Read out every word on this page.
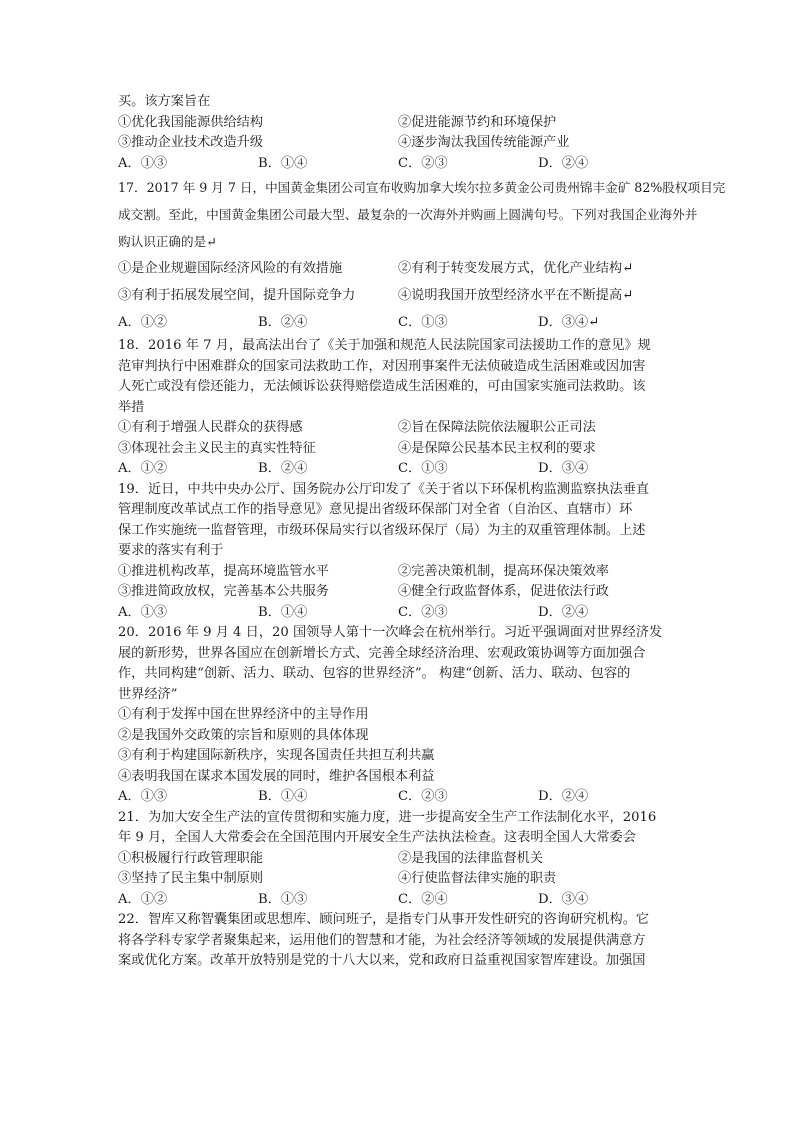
买。该方案旨在
①优化我国能源供给结构	②促进能源节约和环境保护
③推动企业技术改造升级	④逐步淘汰我国传统能源产业
A．①③	B．①④	C．②③	D．②④
17．2017 年 9 月 7 日，中国黄金集团公司宣布收购加拿大埃尔拉多黄金公司贵州锦丰金矿 82%股权项目完
成交割。至此，中国黄金集团公司最大型、最复杂的一次海外并购画上圆满句号。下列对我国企业海外并
购认识正确的是↵
①是企业规避国际经济风险的有效措施	②有利于转变发展方式，优化产业结构↵
③有利于拓展发展空间，提升国际竞争力	④说明我国开放型经济水平在不断提高↵
A．①②	B．②④	C．①③	D．③④↵
18．2016 年 7 月，最高法出台了《关于加强和规范人民法院国家司法援助工作的意见》规
范审判执行中困难群众的国家司法救助工作，对因刑事案件无法侦破造成生活困难或因加害
人死亡或没有偿还能力，无法倾诉讼获得赔偿造成生活困难的，可由国家实施司法救助。该
举措
①有利于增强人民群众的获得感	②旨在保障法院依法履职公正司法
③体现社会主义民主的真实性特征	④是保障公民基本民主权利的要求
A．①②	B．②④	C．①③	D．③④
19．近日，中共中央办公厅、国务院办公厅印发了《关于省以下环保机构监测监察执法垂直
管理制度改革试点工作的指导意见》意见提出省级环保部门对全省（自治区、直辖市）环
保工作实施统一监督管理，市级环保局实行以省级环保厅（局）为主的双重管理体制。上述
要求的落实有利于
①推进机构改革，提高环境监管水平	②完善决策机制，提高环保决策效率
③推进简政放权，完善基本公共服务	④健全行政监督体系，促进依法行政
A．①③	B．①④	C．②③	D．②④
20．2016 年 9 月 4 日，20 国领导人第十一次峰会在杭州举行。习近平强调面对世界经济发
展的新形势，世界各国应在创新增长方式、完善全球经济治理、宏观政策协调等方面加强合
作，共同构建“创新、活力、联动、包容的世界经济”。 构建“创新、活力、联动、包容的
世界经济”
①有利于发挥中国在世界经济中的主导作用
②是我国外交政策的宗旨和原则的具体体现
③有利于构建国际新秩序，实现各国责任共担互利共赢
④表明我国在谋求本国发展的同时，维护各国根本利益
A．①③	B．①④	C．②③	D．②④
21．为加大安全生产法的宣传贯彻和实施力度，进一步提高安全生产工作法制化水平，2016
年 9 月，全国人大常委会在全国范围内开展安全生产法执法检查。这表明全国人大常委会
①积极履行行政管理职能	②是我国的法律监督机关
③坚持了民主集中制原则	④行使监督法律实施的职责
A．①②	B．①③	C．②④	D．③④
22．智库又称智囊集团或思想库、顾问班子，是指专门从事开发性研究的咨询研究机构。它
将各学科专家学者聚集起来，运用他们的智慧和才能，为社会经济等领域的发展提供满意方
案或优化方案。改革开放特别是党的十八大以来，党和政府日益重视国家智库建设。加强国
